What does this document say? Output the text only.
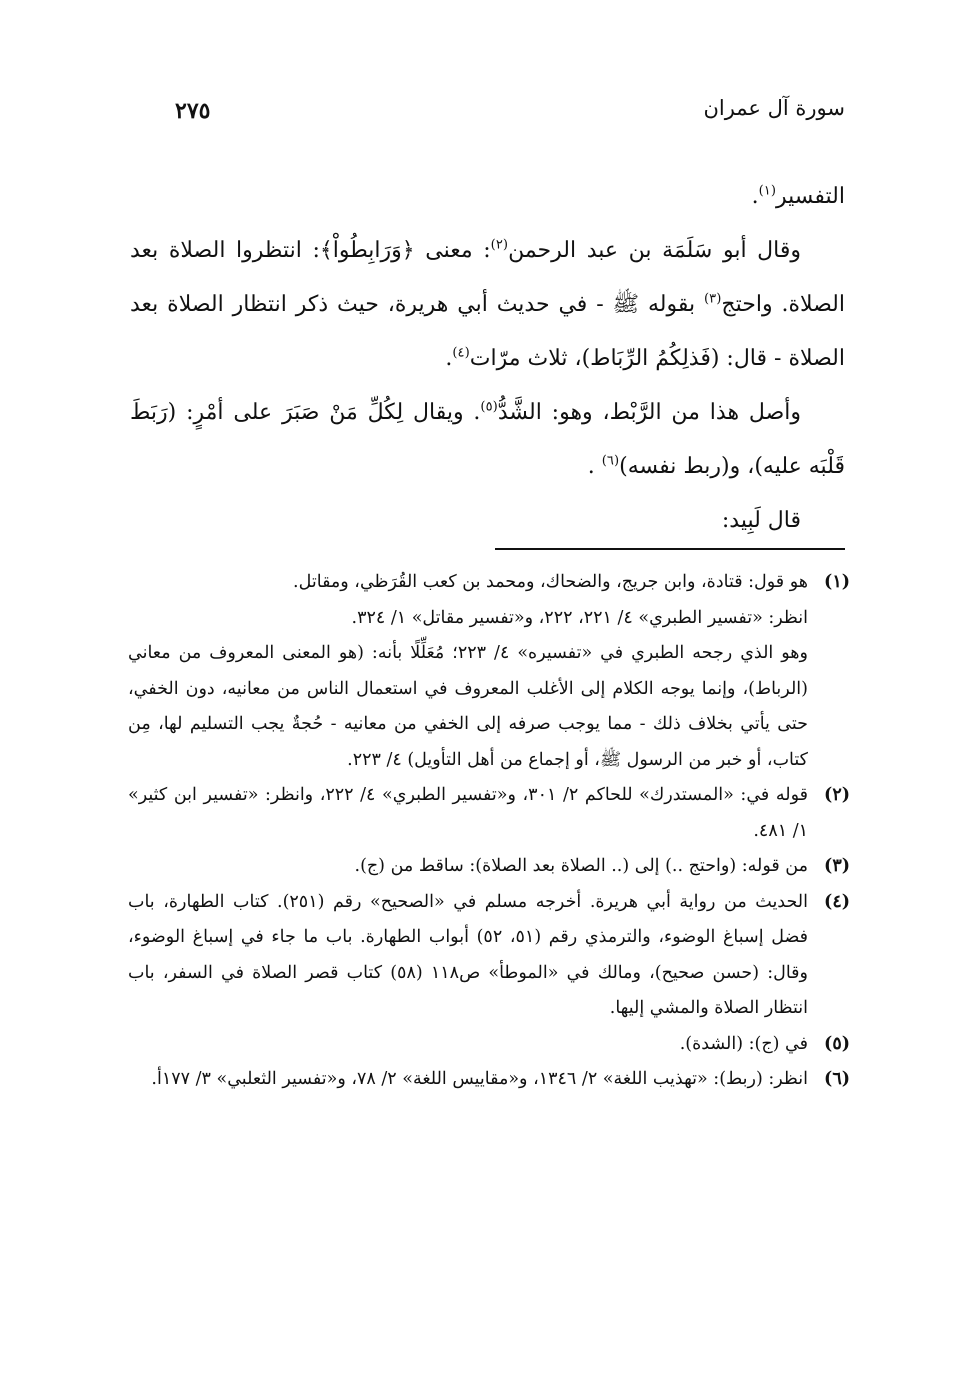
سورة آل عمران
٢٧٥

التفسير$^{(١)}$.

وقال أبو سَلَمَة بن عبد الرحمن$^{(٢)}$: معنى ﴿وَرَابِطُواْ﴾: انتظروا الصلاة بعد الصلاة. واحتج$^{(٣)}$ بقوله ﷺ - في حديث أبي هريرة، حيث ذكر انتظار الصلاة بعد الصلاة - قال: (فَذلِكُمُ الرِّبَاط)، ثلاث مرّات$^{(٤)}$.

وأصل هذا من الرَّبْط، وهو: الشَّدُّ$^{(٥)}$. ويقال لِكُلِّ مَنْ صَبَرَ على أمْرٍ: (رَبَطَ قَلْبَه عليه)، و(ربط نفسه)$^{(٦)}$ .

قال لَبِيد:

(١)

هو قول: قتادة، وابن جريج، والضحاك، ومحمد بن كعب القُرَظي، ومقاتل.

انظر: «تفسير الطبري» ٤/ ٢٢١، ٢٢٢، و«تفسير مقاتل» ١/ ٣٢٤.

وهو الذي رجحه الطبري في «تفسيره» ٤/ ٢٢٣؛ مُعَلِّلًا بأنه: (هو المعنى المعروف من معاني (الرباط)، وإنما يوجه الكلام إلى الأغلب المعروف في استعمال الناس من معانيه، دون الخفي، حتى يأتي بخلاف ذلك - مما يوجب صرفه إلى الخفي من معانيه - حُجةٌ يجب التسليم لها، مِن كتاب، أو خبر من الرسول ﷺ، أو إجماع من أهل التأويل) ٤/ ٢٢٣.

(٢)

قوله في: «المستدرك» للحاكم ٢/ ٣٠١، و«تفسير الطبري» ٤/ ٢٢٢، وانظر: «تفسير ابن كثير» ١/ ٤٨١.

(٣)

من قوله: (واحتج ..) إلى (.. الصلاة بعد الصلاة): ساقط من (ج).

(٤)

الحديث من رواية أبي هريرة. أخرجه مسلم في «الصحيح» رقم (٢٥١). كتاب الطهارة، باب فضل إسباغ الوضوء، والترمذي رقم (٥١، ٥٢) أبواب الطهارة. باب ما جاء في إسباغ الوضوء، وقال: (حسن صحيح)، ومالك في «الموطأ» ص١١٨ (٥٨) كتاب قصر الصلاة في السفر، باب انتظار الصلاة والمشي إليها.

(٥)

في (ج): (الشدة).

(٦)

انظر: (ربط): «تهذيب اللغة» ٢/ ١٣٤٦، و«مقاييس اللغة» ٢/ ٧٨، و«تفسير الثعلبي» ٣/ ١٧٧أ.
